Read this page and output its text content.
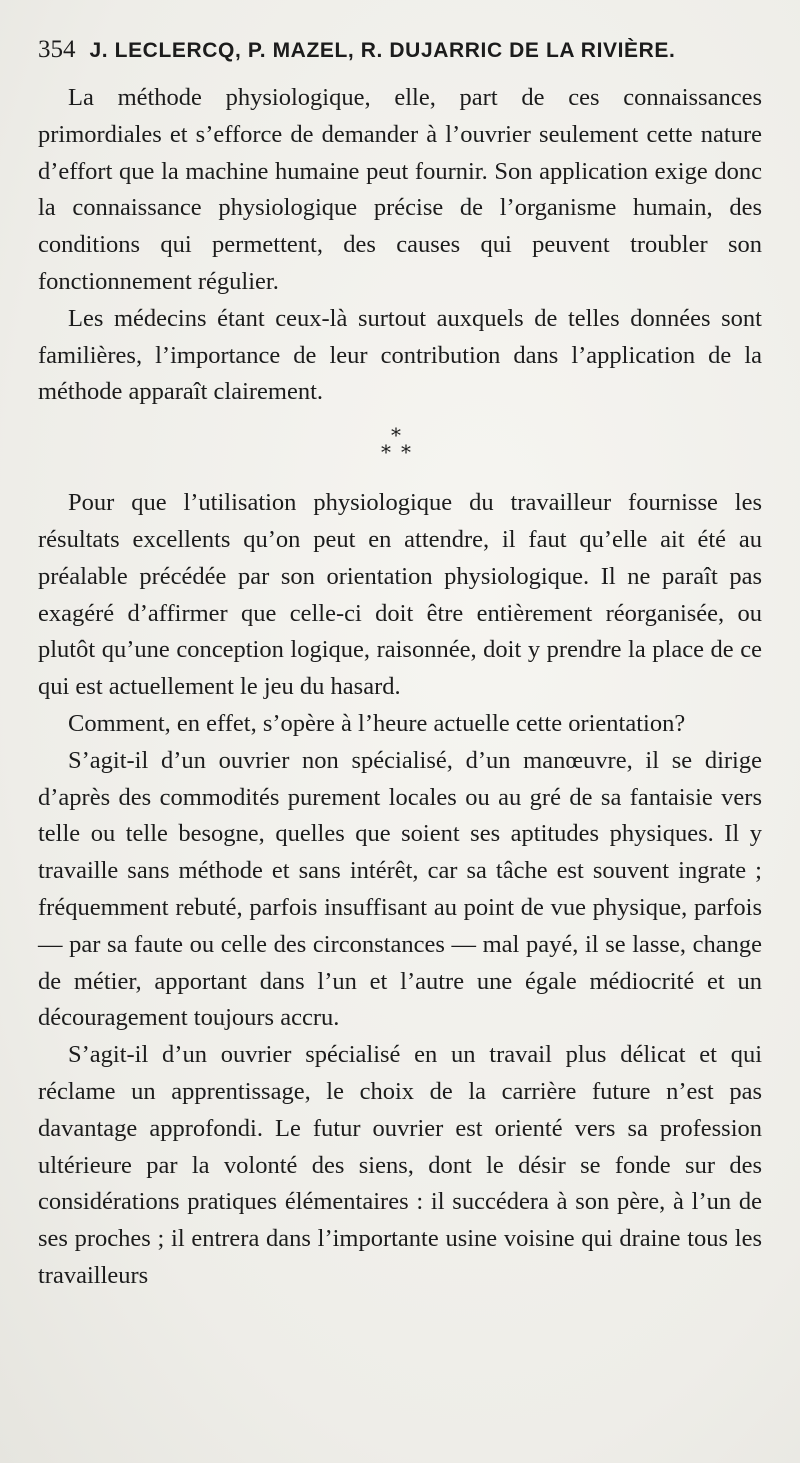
354 J. LECLERCQ, P. MAZEL, R. DUJARRIC DE LA RIVIÈRE.

La méthode physiologique, elle, part de ces connaissances primordiales et s’efforce de demander à l’ouvrier seulement cette nature d’effort que la machine humaine peut fournir. Son application exige donc la connaissance physiologique précise de l’organisme humain, des conditions qui permettent, des causes qui peuvent troubler son fonctionnement régulier.

Les médecins étant ceux-là surtout auxquels de telles données sont familières, l’importance de leur contribution dans l’application de la méthode apparaît clairement.

*
* *

Pour que l’utilisation physiologique du travailleur fournisse les résultats excellents qu’on peut en attendre, il faut qu’elle ait été au préalable précédée par son orientation physiologique. Il ne paraît pas exagéré d’affirmer que celle-ci doit être entièrement réorganisée, ou plutôt qu’une conception logique, raisonnée, doit y prendre la place de ce qui est actuellement le jeu du hasard.

Comment, en effet, s’opère à l’heure actuelle cette orientation?

S’agit-il d’un ouvrier non spécialisé, d’un manœuvre, il se dirige d’après des commodités purement locales ou au gré de sa fantaisie vers telle ou telle besogne, quelles que soient ses aptitudes physiques. Il y travaille sans méthode et sans intérêt, car sa tâche est souvent ingrate ; fréquemment rebuté, parfois insuffisant au point de vue physique, parfois — par sa faute ou celle des circonstances — mal payé, il se lasse, change de métier, apportant dans l’un et l’autre une égale médiocrité et un découragement toujours accru.

S’agit-il d’un ouvrier spécialisé en un travail plus délicat et qui réclame un apprentissage, le choix de la carrière future n’est pas davantage approfondi. Le futur ouvrier est orienté vers sa profession ultérieure par la volonté des siens, dont le désir se fonde sur des considérations pratiques élémentaires : il succédera à son père, à l’un de ses proches ; il entrera dans l’importante usine voisine qui draine tous les travailleurs
